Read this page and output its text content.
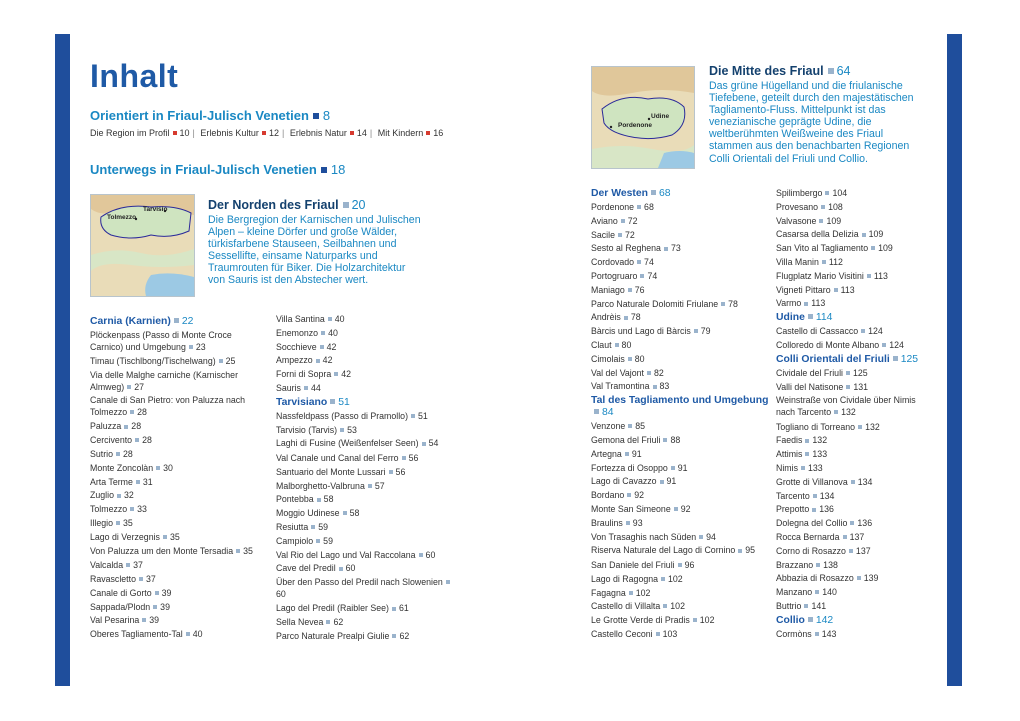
Inhalt
Orientiert in Friaul-Julisch Venetien 8
Die Region im Profil 10 | Erlebnis Kultur 12 | Erlebnis Natur 14 | Mit Kindern 16
Unterwegs in Friaul-Julisch Venetien 18
Tarvisio
Tolmezzo
Der Norden des Friaul 20
Die Bergregion der Karnischen und Julischen Alpen – kleine Dörfer und große Wälder, türkisfarbene Stauseen, Seilbahnen und Sessellifte, einsame Naturparks und Traumrouten für Biker. Die Holzarchitektur von Sauris ist den Abstecher wert.
Udine
Pordenone
Die Mitte des Friaul 64
Das grüne Hügelland und die friulanische Tiefebene, geteilt durch den majestätischen Tagliamento-Fluss. Mittelpunkt ist das venezianische geprägte Udine, die weltberühmten Weißweine des Friaul stammen aus den benachbarten Regionen Colli Orientali del Friuli und Collio.
Carnia (Karnien) 22
Plöckenpass (Passo di Monte Croce Carnico) und Umgebung 23
Timau (Tischlbong/Tischelwang) 25
Via delle Malghe carniche (Karnischer Almweg) 27
Canale di San Pietro: von Paluzza nach Tolmezzo 28
Paluzza 28
Cercivento 28
Sutrio 28
Monte Zoncolàn 30
Arta Terme 31
Zuglio 32
Tolmezzo 33
Illegio 35
Lago di Verzegnis 35
Von Paluzza um den Monte Tersadia 35
Valcalda 37
Ravascletto 37
Canale di Gorto 39
Sappada/Plodn 39
Val Pesarina 39
Oberes Tagliamento-Tal 40
Villa Santina 40
Enemonzo 40
Socchieve 42
Ampezzo 42
Forni di Sopra 42
Sauris 44
Tarvisiano 51
Nassfeldpass (Passo di Pramollo) 51
Tarvisio (Tarvis) 53
Laghi di Fusine (Weißenfelser Seen) 54
Val Canale und Canal del Ferro 56
Santuario del Monte Lussari 56
Malborghetto-Valbruna 57
Pontebba 58
Moggio Udinese 58
Resiutta 59
Campiolo 59
Val Rio del Lago und Val Raccolana 60
Cave del Predil 60
Über den Passo del Predil nach Slowenien60
Lago del Predil (Raibler See) 61
Sella Nevea 62
Parco Naturale Prealpi Giulie 62
Der Westen 68
Pordenone 68
Aviano 72
Sacile 72
Sesto al Reghena 73
Cordovado 74
Portogruaro 74
Maniago 76
Parco Naturale Dolomiti Friulane 78
Andrèis 78
Bàrcis und Lago di Bàrcis 79
Claut 80
Cimolais 80
Val del Vajont 82
Val Tramontina 83
Tal des Tagliamento und Umgebung84
Venzone 85
Gemona del Friuli 88
Artegna 91
Fortezza di Osoppo 91
Lago di Cavazzo 91
Bordano 92
Monte San Simeone 92
Braulins 93
Von Trasaghis nach Süden 94
Riserva Naturale del Lago di Cornino 95
San Daniele del Friuli 96
Lago di Ragogna 102
Fagagna 102
Castello di Villalta 102
Le Grotte Verde di Pradis 102
Castello Ceconi 103
Spilimbergo 104
Provesano 108
Valvasone 109
Casarsa della Delizia 109
San Vito al Tagliamento 109
Villa Manin 112
Flugplatz Mario Visitini 113
Vigneti Pittaro 113
Varmo 113
Udine 114
Castello di Cassacco 124
Colloredo di Monte Albano 124
Colli Orientali del Friuli 125
Cividale del Friuli 125
Valli del Natisone 131
Weinstraße von Cividale über Nimis nach Tarcento 132
Togliano di Torreano 132
Faedis 132
Attimis 133
Nimis 133
Grotte di Villanova 134
Tarcento 134
Prepotto 136
Dolegna del Collio 136
Rocca Bernarda 137
Corno di Rosazzo 137
Brazzano 138
Abbazia di Rosazzo 139
Manzano 140
Buttrio 141
Collio 142
Cormòns 143
